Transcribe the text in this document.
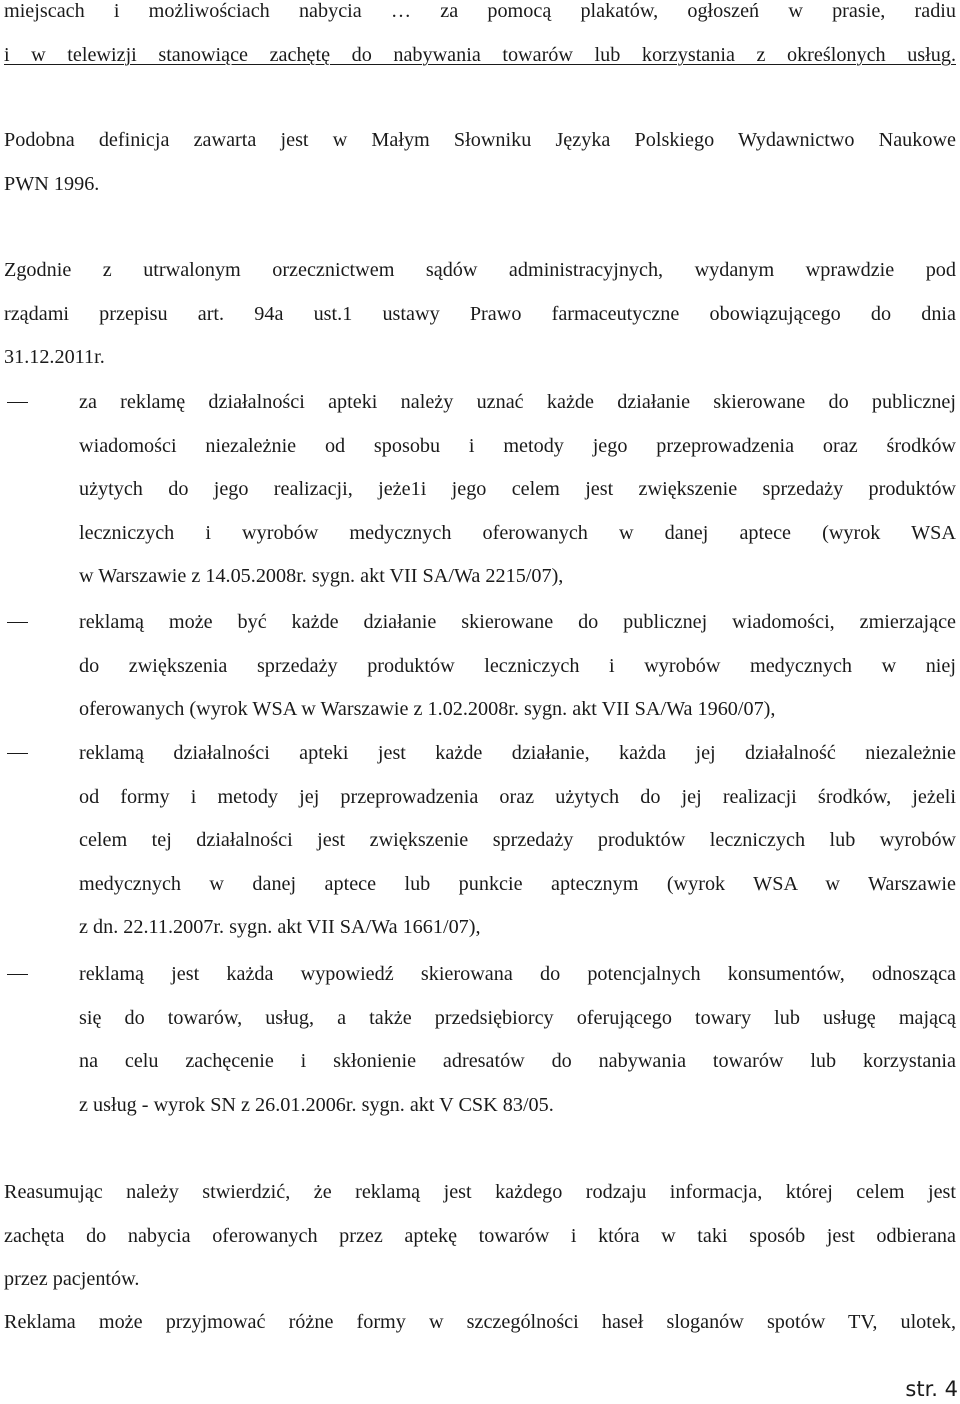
miejscach i możliwościach nabycia … za pomocą plakatów, ogłoszeń w prasie, radiu
i w telewizji stanowiące zachętę do nabywania towarów lub korzystania z określonych usług.
Podobna definicja zawarta jest w Małym Słowniku Języka Polskiego Wydawnictwo Naukowe
PWN 1996.
Zgodnie z utrwalonym orzecznictwem sądów administracyjnych, wydanym wprawdzie pod
rządami przepisu art. 94a ust.1 ustawy Prawo farmaceutyczne obowiązującego do dnia
31.12.2011r.
za reklamę działalności apteki należy uznać każde działanie skierowane do publicznej
wiadomości niezależnie od sposobu i metody jego przeprowadzenia oraz środków
użytych do jego realizacji, jeże1i jego celem jest zwiększenie sprzedaży produktów
leczniczych i wyrobów medycznych oferowanych w danej aptece (wyrok WSA
w Warszawie z 14.05.2008r. sygn. akt VII SA/Wa 2215/07),
reklamą może być każde działanie skierowane do publicznej wiadomości, zmierzające
do zwiększenia sprzedaży produktów leczniczych i wyrobów medycznych w niej
oferowanych (wyrok WSA w Warszawie z 1.02.2008r. sygn. akt VII SA/Wa 1960/07),
reklamą działalności apteki jest każde działanie, każda jej działalność niezależnie
od formy i metody jej przeprowadzenia oraz użytych do jej realizacji środków, jeżeli
celem tej działalności jest zwiększenie sprzedaży produktów leczniczych lub wyrobów
medycznych w danej aptece lub punkcie aptecznym (wyrok WSA w Warszawie
z dn. 22.11.2007r. sygn. akt VII SA/Wa 1661/07),
reklamą jest każda wypowiedź skierowana do potencjalnych konsumentów, odnosząca
się do towarów, usług, a także przedsiębiorcy oferującego towary lub usługę mającą
na celu zachęcenie i skłonienie adresatów do nabywania towarów lub korzystania
z usług - wyrok SN z 26.01.2006r. sygn. akt V CSK 83/05.
Reasumując należy stwierdzić, że reklamą jest każdego rodzaju informacja, której celem jest
zachęta do nabycia oferowanych przez aptekę towarów i która w taki sposób jest odbierana
przez pacjentów.
Reklama może przyjmować różne formy w szczególności haseł sloganów spotów TV, ulotek,
str. 4
